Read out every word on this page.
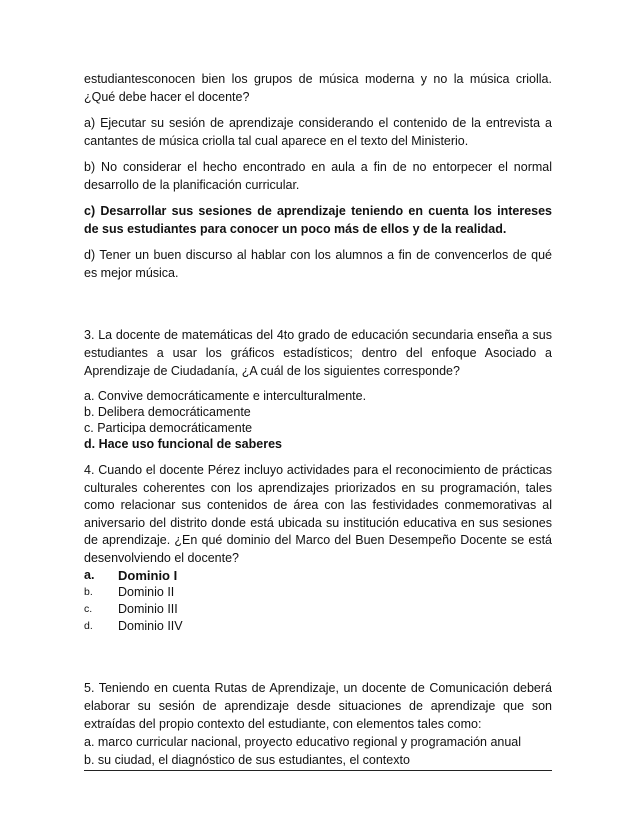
estudiantesconocen bien los grupos de música moderna y no la música criolla. ¿Qué debe hacer el docente?

a) Ejecutar su sesión de aprendizaje considerando el contenido de la entrevista a cantantes de música criolla tal cual aparece en el texto del Ministerio.

b) No considerar el hecho encontrado en aula a fin de no entorpecer el normal desarrollo de la planificación curricular.

c) Desarrollar sus sesiones de aprendizaje teniendo en cuenta los intereses de sus estudiantes para conocer un poco más de ellos y de la realidad.

d) Tener un buen discurso al hablar con los alumnos a fin de convencerlos de qué es mejor música.

3. La docente de matemáticas del 4to grado de educación secundaria enseña a sus estudiantes a usar los gráficos estadísticos; dentro del enfoque Asociado a Aprendizaje de Ciudadanía, ¿A cuál de los siguientes corresponde?

a. Convive democráticamente e interculturalmente.

b. Delibera democráticamente

c. Participa democráticamente

d. Hace uso funcional de saberes

4. Cuando el docente Pérez incluyo actividades para el reconocimiento de prácticas culturales coherentes con los aprendizajes priorizados en su programación, tales como relacionar sus contenidos de área con las festividades conmemorativas al aniversario del distrito donde está ubicada su institución educativa en sus sesiones de aprendizaje. ¿En qué dominio del Marco del Buen Desempeño Docente se está desenvolviendo el docente?

a.	Dominio I
b.	Dominio II
c.	Dominio III
d.	Dominio IIV

5. Teniendo en cuenta Rutas de Aprendizaje, un docente de Comunicación deberá elaborar su sesión de aprendizaje desde situaciones de aprendizaje que son extraídas del propio contexto del estudiante, con elementos tales como:

a. marco curricular nacional, proyecto educativo regional y programación anual

b. su ciudad, el diagnóstico de sus estudiantes, el contexto
